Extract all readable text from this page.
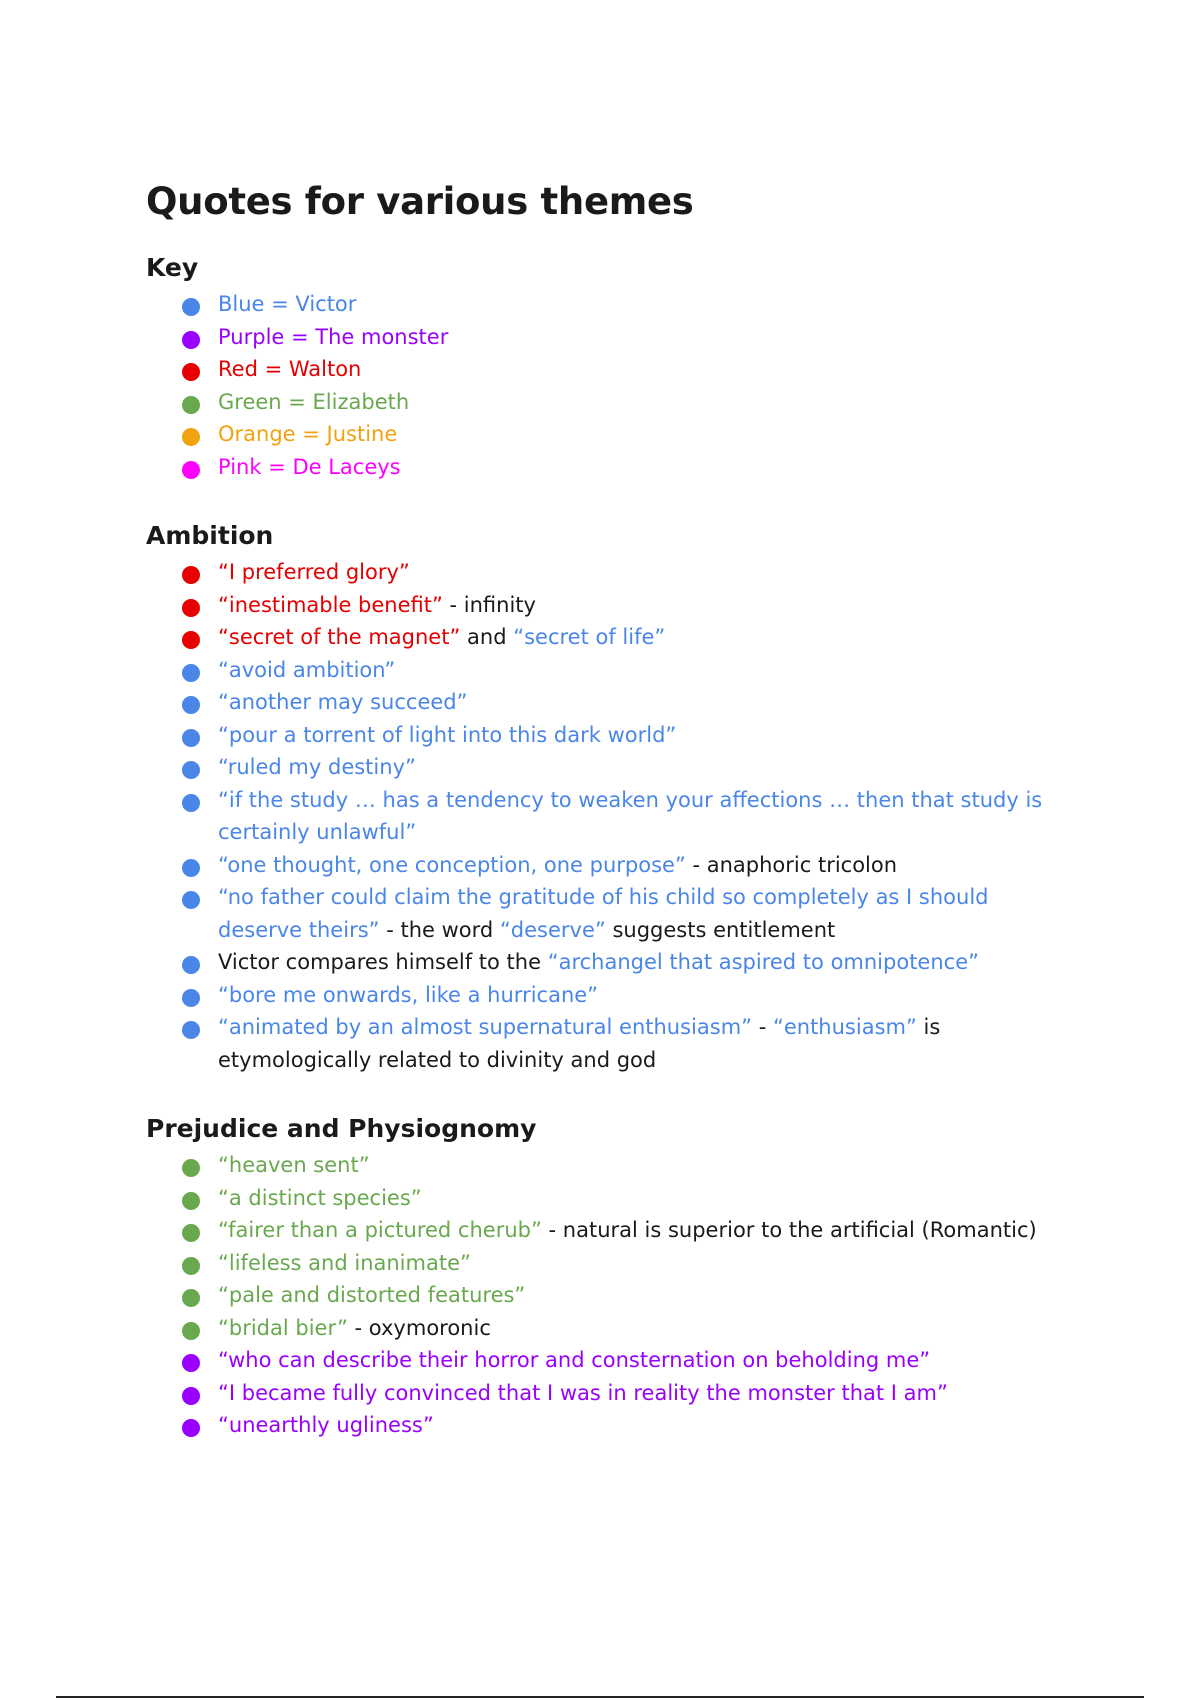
Quotes for various themes
Key
Blue = Victor
Purple = The monster
Red = Walton
Green = Elizabeth
Orange = Justine
Pink = De Laceys
Ambition
“I preferred glory”
“inestimable benefit” - infinity
“secret of the magnet” and “secret of life”
“avoid ambition”
“another may succeed”
“pour a torrent of light into this dark world”
“ruled my destiny”
“if the study … has a tendency to weaken your affections … then that study is certainly unlawful”
“one thought, one conception, one purpose” - anaphoric tricolon
“no father could claim the gratitude of his child so completely as I should deserve theirs” - the word “deserve” suggests entitlement
Victor compares himself to the “archangel that aspired to omnipotence”
“bore me onwards, like a hurricane”
“animated by an almost supernatural enthusiasm” - “enthusiasm” is etymologically related to divinity and god
Prejudice and Physiognomy
“heaven sent”
“a distinct species”
“fairer than a pictured cherub” - natural is superior to the artificial (Romantic)
“lifeless and inanimate”
“pale and distorted features”
“bridal bier” - oxymoronic
“who can describe their horror and consternation on beholding me”
“I became fully convinced that I was in reality the monster that I am”
“unearthly ugliness”
